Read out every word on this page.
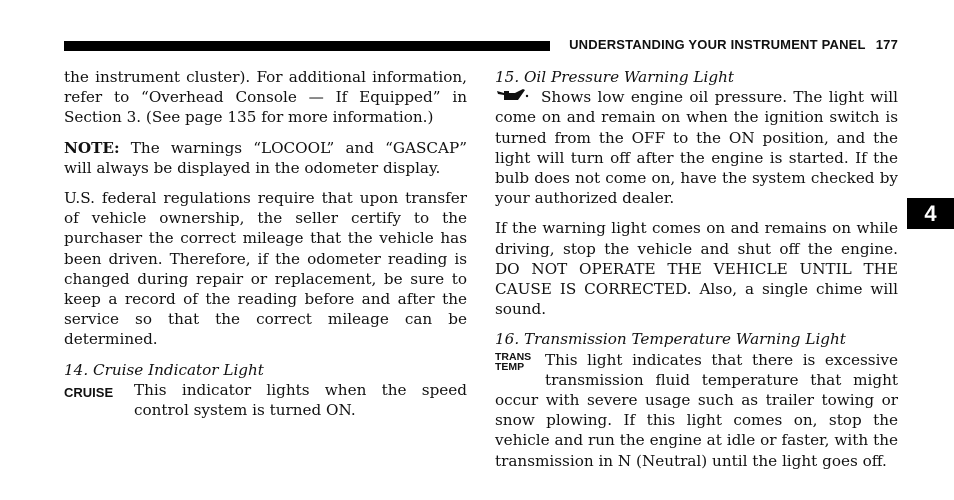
UNDERSTANDING YOUR INSTRUMENT PANEL 177

the instrument cluster). For additional information, refer to “Overhead Console — If Equipped” in Section 3. (See page 135 for more information.)

NOTE: The warnings “LOCOOL” and “GASCAP” will always be displayed in the odometer display.

U.S. federal regulations require that upon transfer of vehicle ownership, the seller certify to the purchaser the correct mileage that the vehicle has been driven. Therefore, if the odometer reading is changed during repair or replacement, be sure to keep a record of the reading before and after the service so that the correct mileage can be determined.

14. Cruise Indicator Light
CRUISE	This indicator lights when the speed control system is turned ON.
15. Oil Pressure Warning Light
Shows low engine oil pressure. The light will come on and remain on when the ignition switch is turned from the OFF to the ON position, and the light will turn off after the engine is started. If the bulb does not come on, have the system checked by your authorized dealer.

If the warning light comes on and remains on while driving, stop the vehicle and shut off the engine. DO NOT OPERATE THE VEHICLE UNTIL THE CAUSE IS CORRECTED. Also, a single chime will sound.

16. Transmission Temperature Warning Light
TRANS
TEMP	This light indicates that there is excessive transmission fluid temperature that might occur with severe usage such as trailer towing or snow plowing. If this light comes on, stop the vehicle and run the engine at idle or faster, with the transmission in N (Neutral) until the light goes off.
4
